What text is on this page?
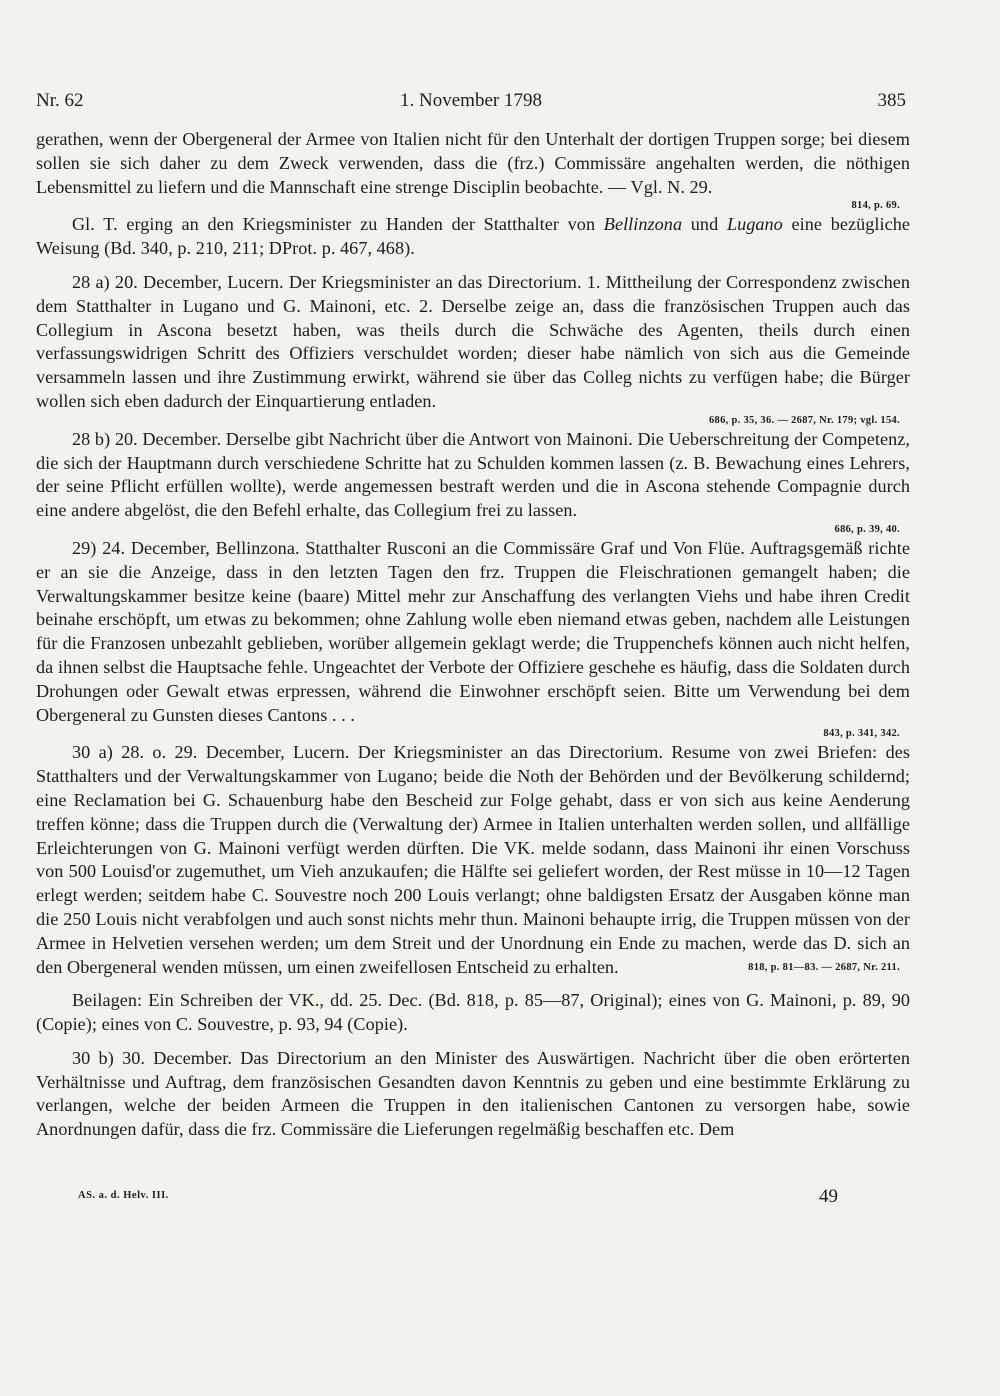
Nr. 62	1. November 1798	385

gerathen, wenn der Obergeneral der Armee von Italien nicht für den Unterhalt der dortigen Truppen sorge; bei diesem sollen sie sich daher zu dem Zweck verwenden, dass die (frz.) Commissäre angehalten werden, die nöthigen Lebensmittel zu liefern und die Mannschaft eine strenge Disciplin beobachte. — Vgl. N. 29.

814, p. 69.

Gl. T. erging an den Kriegsminister zu Handen der Statthalter von Bellinzona und Lugano eine bezügliche Weisung (Bd. 340, p. 210, 211; DProt. p. 467, 468).

28 a) 20. December, Lucern. Der Kriegsminister an das Directorium. 1. Mittheilung der Correspondenz zwischen dem Statthalter in Lugano und G. Mainoni, etc. 2. Derselbe zeige an, dass die französischen Truppen auch das Collegium in Ascona besetzt haben, was theils durch die Schwäche des Agenten, theils durch einen verfassungswidrigen Schritt des Offiziers verschuldet worden; dieser habe nämlich von sich aus die Gemeinde versammeln lassen und ihre Zustimmung erwirkt, während sie über das Colleg nichts zu verfügen habe; die Bürger wollen sich eben dadurch der Einquartierung entladen.

686, p. 35, 36. — 2687, Nr. 179; vgl. 154.

28 b) 20. December. Derselbe gibt Nachricht über die Antwort von Mainoni. Die Ueberschreitung der Competenz, die sich der Hauptmann durch verschiedene Schritte hat zu Schulden kommen lassen (z. B. Bewachung eines Lehrers, der seine Pflicht erfüllen wollte), werde angemessen bestraft werden und die in Ascona stehende Compagnie durch eine andere abgelöst, die den Befehl erhalte, das Collegium frei zu lassen.

686, p. 39, 40.

29) 24. December, Bellinzona. Statthalter Rusconi an die Commissäre Graf und Von Flüe. Auftragsgemäß richte er an sie die Anzeige, dass in den letzten Tagen den frz. Truppen die Fleischrationen gemangelt haben; die Verwaltungskammer besitze keine (baare) Mittel mehr zur Anschaffung des verlangten Viehs und habe ihren Credit beinahe erschöpft, um etwas zu bekommen; ohne Zahlung wolle eben niemand etwas geben, nachdem alle Leistungen für die Franzosen unbezahlt geblieben, worüber allgemein geklagt werde; die Truppenchefs können auch nicht helfen, da ihnen selbst die Hauptsache fehle. Ungeachtet der Verbote der Offiziere geschehe es häufig, dass die Soldaten durch Drohungen oder Gewalt etwas erpressen, während die Einwohner erschöpft seien. Bitte um Verwendung bei dem Obergeneral zu Gunsten dieses Cantons . . .

843, p. 341, 342.

30 a) 28. o. 29. December, Lucern. Der Kriegsminister an das Directorium. Resume von zwei Briefen: des Statthalters und der Verwaltungskammer von Lugano; beide die Noth der Behörden und der Bevölkerung schildernd; eine Reclamation bei G. Schauenburg habe den Bescheid zur Folge gehabt, dass er von sich aus keine Aenderung treffen könne; dass die Truppen durch die (Verwaltung der) Armee in Italien unterhalten werden sollen, und allfällige Erleichterungen von G. Mainoni verfügt werden dürften. Die VK. melde sodann, dass Mainoni ihr einen Vorschuss von 500 Louisd'or zugemuthet, um Vieh anzukaufen; die Hälfte sei geliefert worden, der Rest müsse in 10—12 Tagen erlegt werden; seitdem habe C. Souvestre noch 200 Louis verlangt; ohne baldigsten Ersatz der Ausgaben könne man die 250 Louis nicht verabfolgen und auch sonst nichts mehr thun. Mainoni behaupte irrig, die Truppen müssen von der Armee in Helvetien versehen werden; um dem Streit und der Unordnung ein Ende zu machen, werde das D. sich an den Obergeneral wenden müssen, um einen zweifellosen Entscheid zu erhalten.	818, p. 81—83. — 2687, Nr. 211.

Beilagen: Ein Schreiben der VK., dd. 25. Dec. (Bd. 818, p. 85—87, Original); eines von G. Mainoni, p. 89, 90 (Copie); eines von C. Souvestre, p. 93, 94 (Copie).

30 b) 30. December. Das Directorium an den Minister des Auswärtigen. Nachricht über die oben erörterten Verhältnisse und Auftrag, dem französischen Gesandten davon Kenntnis zu geben und eine bestimmte Erklärung zu verlangen, welche der beiden Armeen die Truppen in den italienischen Cantonen zu versorgen habe, sowie Anordnungen dafür, dass die frz. Commissäre die Lieferungen regelmäßig beschaffen etc. Dem

AS. a. d. Helv. III.	49
